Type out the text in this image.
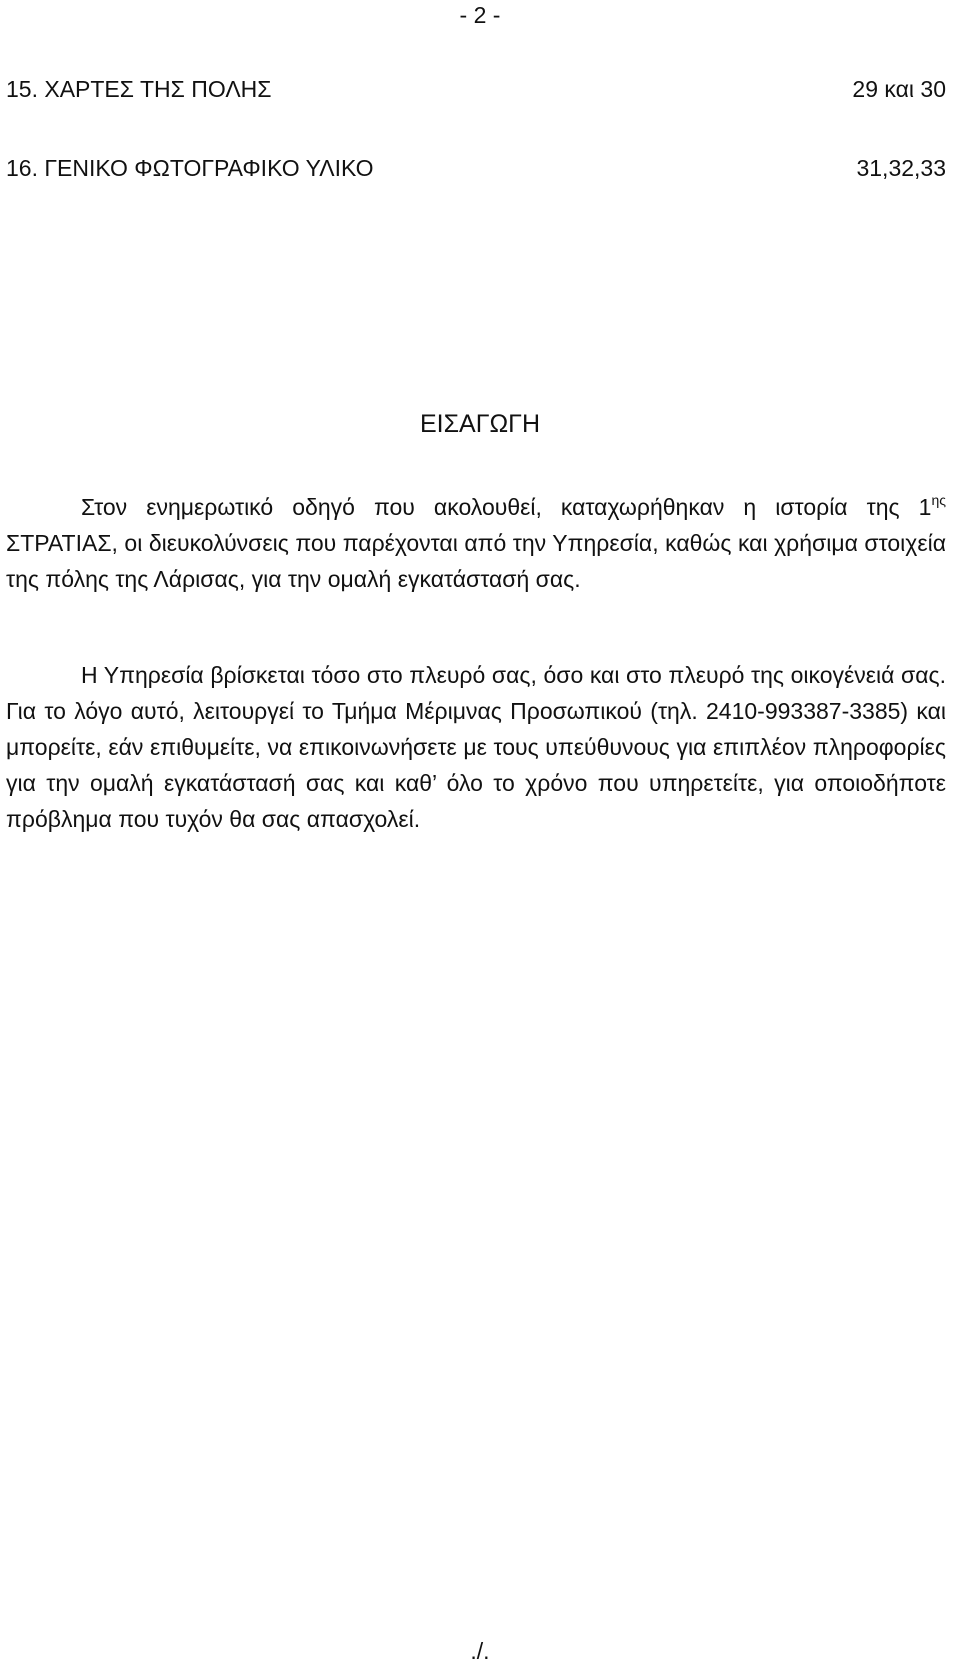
- 2 -
15. ΧΑΡΤΕΣ ΤΗΣ ΠΟΛΗΣ	29 και 30
16. ΓΕΝΙΚΟ ΦΩΤΟΓΡΑΦΙΚΟ ΥΛΙΚΟ	31,32,33
ΕΙΣΑΓΩΓΗ

Στον ενημερωτικό οδηγό που ακολουθεί, καταχωρήθηκαν η ιστορία της $1^{\eta\varsigma}$ ΣΤΡΑΤΙΑΣ, οι διευκολύνσεις που παρέχονται από την Υπηρεσία, καθώς και χρήσιμα στοιχεία της πόλης της Λάρισας, για την ομαλή εγκατάστασή σας.

Η Υπηρεσία βρίσκεται τόσο στο πλευρό σας, όσο και στο πλευρό της οικογένειά σας. Για το λόγο αυτό, λειτουργεί το Τμήμα Μέριμνας Προσωπικού (τηλ. 2410-993387-3385) και μπορείτε, εάν επιθυμείτε, να επικοινωνήσετε με τους υπεύθυνους για επιπλέον πληροφορίες για την ομαλή εγκατάστασή σας και καθ’ όλο το χρόνο που υπηρετείτε, για οποιοδήποτε πρόβλημα που τυχόν θα σας απασχολεί.

./.
